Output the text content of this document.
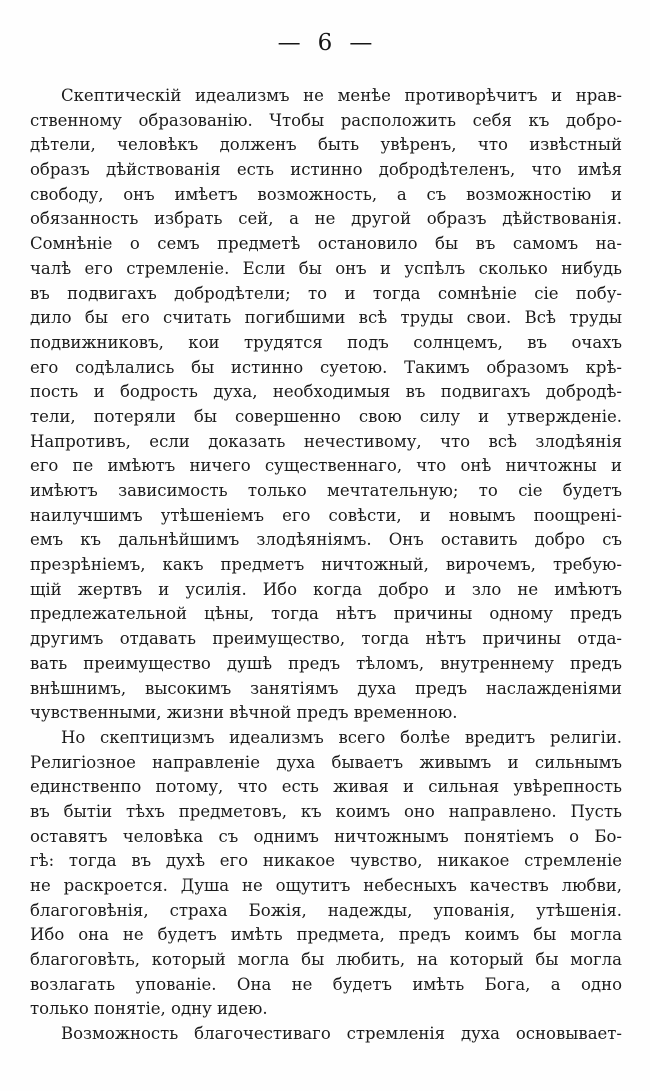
— 6 —
Скептическій идеализмъ не менѣе противорѣчитъ и нрав-
ственному образованію. Чтобы расположить себя къ добро-
дѣтели, человѣкъ долженъ быть увѣренъ, что извѣстный
образъ дѣйствованія есть истинно добродѣтеленъ, что имѣя
свободу, онъ имѣетъ возможность, а съ возможностію и
обязанность избрать сей, а не другой образъ дѣйствованія.
Сомнѣніе о семъ предметѣ остановило бы въ самомъ на-
чалѣ его стремленіе. Если бы онъ и успѣлъ сколько нибудь
въ подвигахъ добродѣтели; то и тогда сомнѣніе сіе побу-
дило бы его считать погибшими всѣ труды свои. Всѣ труды
подвижниковъ, кои трудятся подъ солнцемъ, въ очахъ
его содѣлались бы истинно суетою. Такимъ образомъ крѣ-
пость и бодрость духа, необходимыя въ подвигахъ добродѣ-
тели, потеряли бы совершенно свою силу и утвержденіе.
Напротивъ, если доказать нечестивому, что всѣ злодѣянія
его пе имѣютъ ничего существеннаго, что онѣ ничтожны и
имѣютъ зависимость только мечтательную; то сіе будетъ
наилучшимъ утѣшеніемъ его совѣсти, и новымъ поощрені-
емъ къ дальнѣйшимъ злодѣяніямъ. Онъ оставить добро съ
презрѣніемъ, какъ предметъ ничтожный, вирочемъ, требую-
щій жертвъ и усилія. Ибо когда добро и зло не имѣютъ
предлежательной цѣны, тогда нѣтъ причины одному предъ
другимъ отдавать преимущество, тогда нѣтъ причины отда-
вать преимущество душѣ предъ тѣломъ, внутреннему предъ
внѣшнимъ, высокимъ занятіямъ духа предъ наслажденіями
чувственными, жизни вѣчной предъ временною.
Но скептицизмъ идеализмъ всего болѣе вредитъ религіи.
Религіозное направленіе духа бываетъ живымъ и сильнымъ
единственпо потому, что есть живая и сильная увѣрепность
въ бытіи тѣхъ предметовъ, къ коимъ оно направлено. Пусть
оставятъ человѣка съ однимъ ничтожнымъ понятіемъ о Бо-
гѣ: тогда въ духѣ его никакое чувство, никакое стремленіе
не раскроется. Душа не ощутитъ небесныхъ качествъ любви,
благоговѣнія, страха Божія, надежды, упованія, утѣшенія.
Ибо она не будетъ имѣть предмета, предъ коимъ бы могла
благоговѣть, который могла бы любить, на который бы могла
возлагать упованіе. Она не будетъ имѣть Бога, а одно
только понятіе, одну идею.
Возможность благочестиваго стремленія духа основывает-
